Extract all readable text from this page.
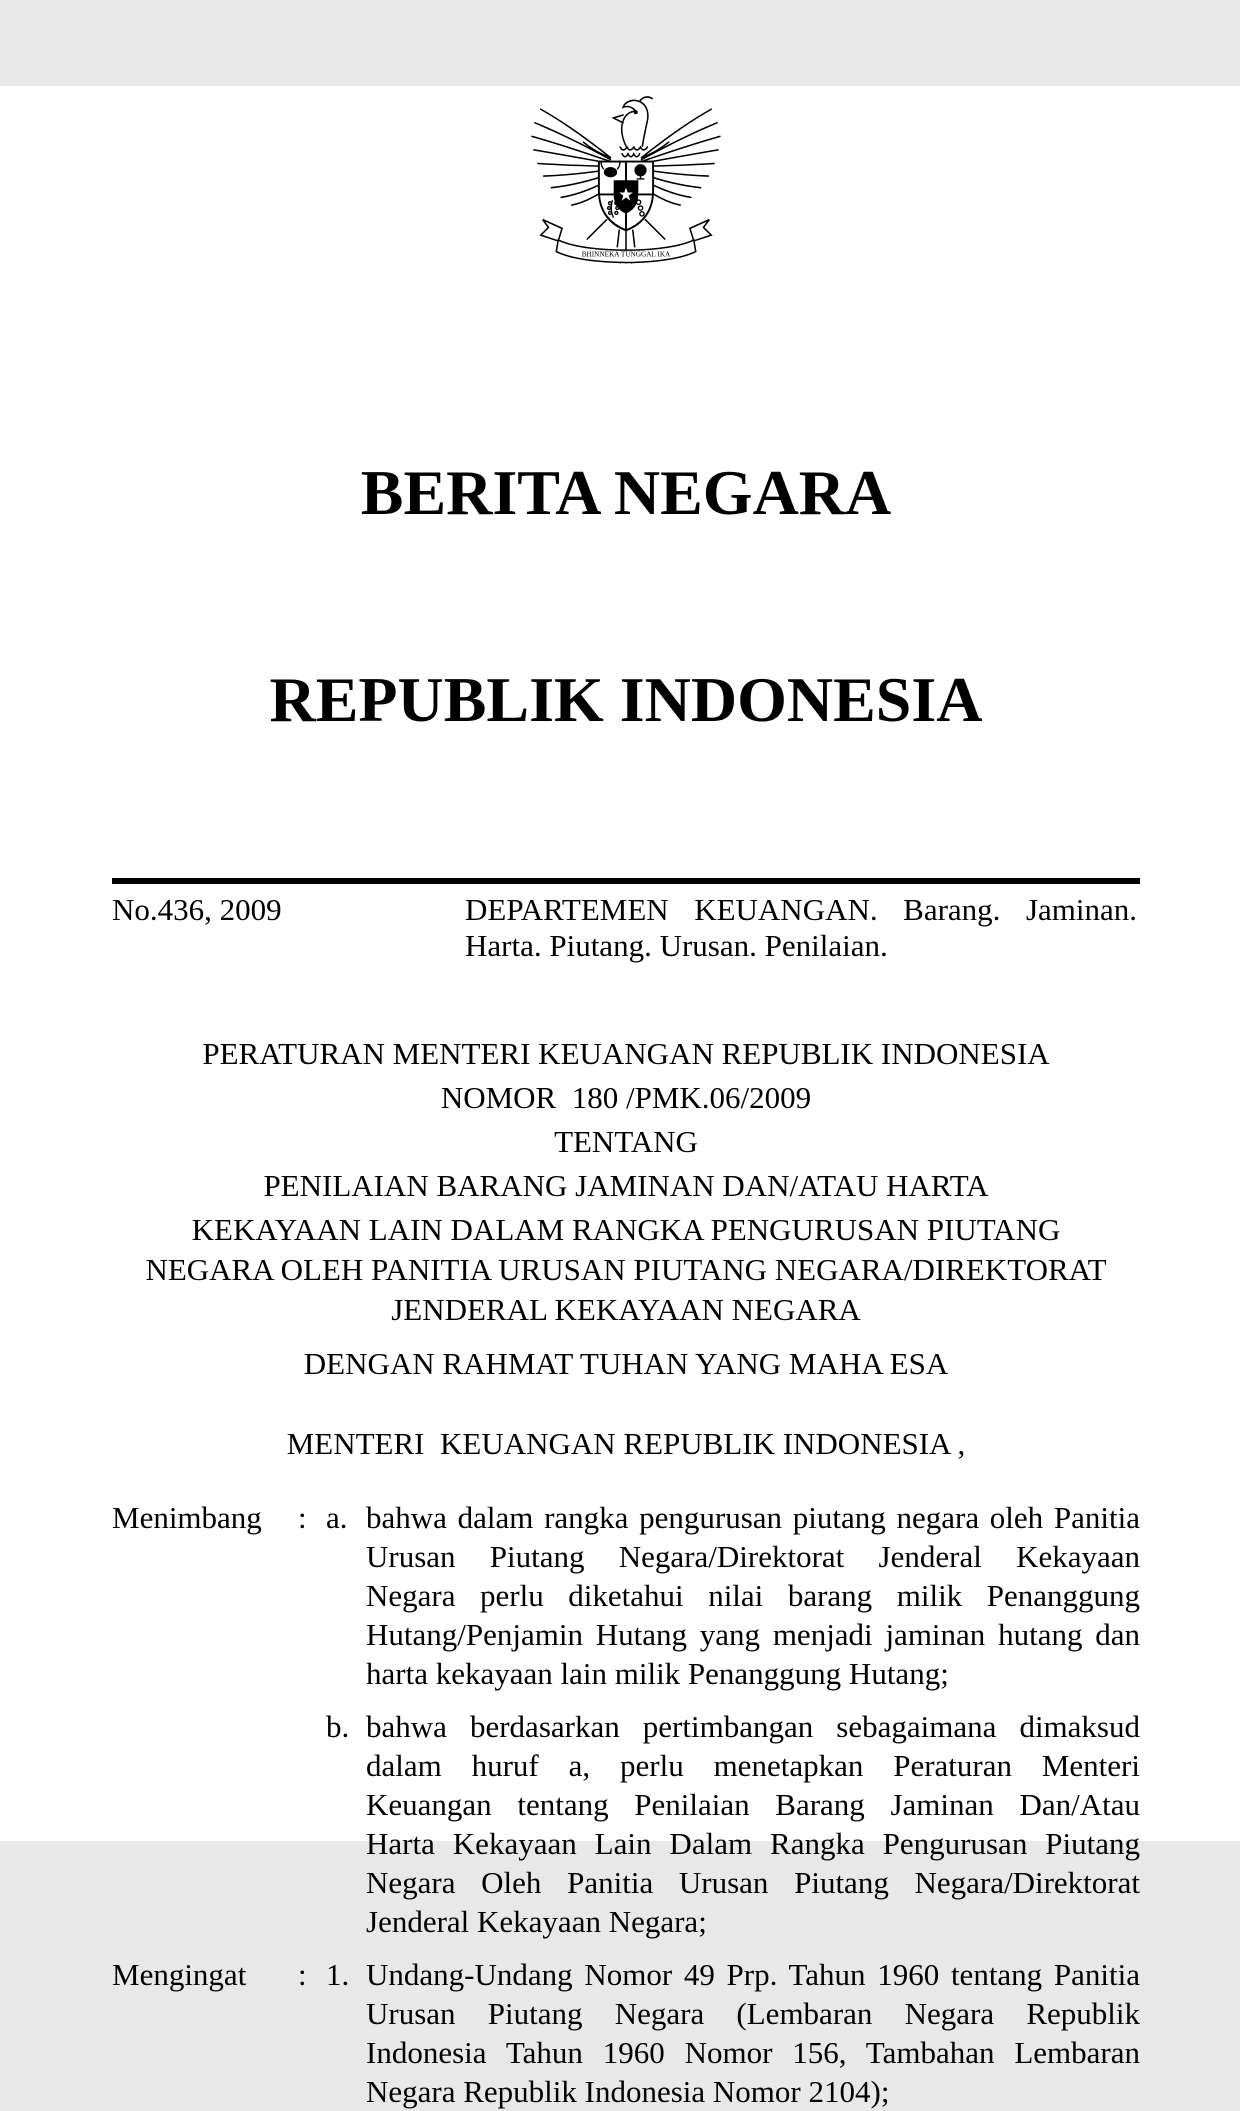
BHINNEKA TUNGGAL IKA

BERITA NEGARA

REPUBLIK INDONESIA

No.436, 2009	DEPARTEMEN KEUANGAN. Barang. Jaminan.
Harta. Piutang. Urusan. Penilaian.
PERATURAN MENTERI KEUANGAN REPUBLIK INDONESIA
NOMOR  180 /PMK.06/2009
TENTANG
PENILAIAN BARANG JAMINAN DAN/ATAU HARTA
KEKAYAAN LAIN DALAM RANGKA PENGURUSAN PIUTANG
NEGARA OLEH PANITIA URUSAN PIUTANG NEGARA/DIREKTORAT
JENDERAL KEKAYAAN NEGARA
DENGAN RAHMAT TUHAN YANG MAHA ESA
MENTERI  KEUANGAN REPUBLIK INDONESIA ,
Menimbang	: a. bahwa dalam rangka pengurusan piutang negara oleh Panitia
Urusan Piutang Negara/Direktorat Jenderal Kekayaan
Negara perlu diketahui nilai barang milik Penanggung
Hutang/Penjamin Hutang yang menjadi jaminan hutang dan
harta kekayaan lain milik Penanggung Hutang;
b. bahwa berdasarkan pertimbangan sebagaimana dimaksud
dalam huruf a, perlu menetapkan Peraturan Menteri
Keuangan tentang Penilaian Barang Jaminan Dan/Atau
Harta Kekayaan Lain Dalam Rangka Pengurusan Piutang
Negara Oleh Panitia Urusan Piutang Negara/Direktorat
Jenderal Kekayaan Negara;
Mengingat	: 1. Undang-Undang Nomor 49 Prp. Tahun 1960 tentang Panitia
Urusan Piutang Negara (Lembaran Negara Republik
Indonesia Tahun 1960 Nomor 156, Tambahan Lembaran
Negara Republik Indonesia Nomor 2104);
